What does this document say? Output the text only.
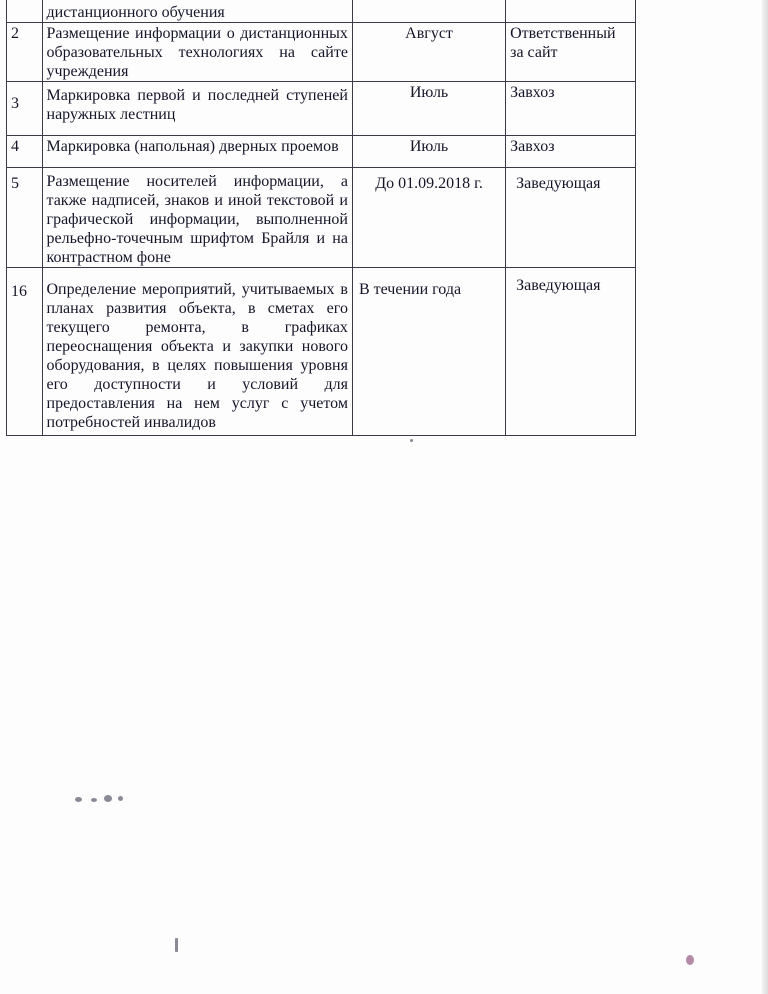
	дистанционного обучения		
2	Размещение информации о дистанционных образовательных технологиях на сайте учреждения	Август	Ответственный за сайт
3	Маркировка первой и последней ступеней наружных лестниц	Июль	Завхоз
4	Маркировка (напольная) дверных проемов	Июль	Завхоз
5	Размещение носителей информации, а также надписей, знаков и иной текстовой и графической информации, выполненной рельефно-точечным шрифтом Брайля и на контрастном фоне	До 01.09.2018 г.	Заведующая
16	Определение мероприятий, учитываемых в планах развития объекта, в сметах его текущего ремонта, в графиках переоснащения объекта и закупки нового оборудования, в целях повышения уровня его доступности и условий для предоставления на нем услуг с учетом потребностей инвалидов	В течении года	Заведующая
